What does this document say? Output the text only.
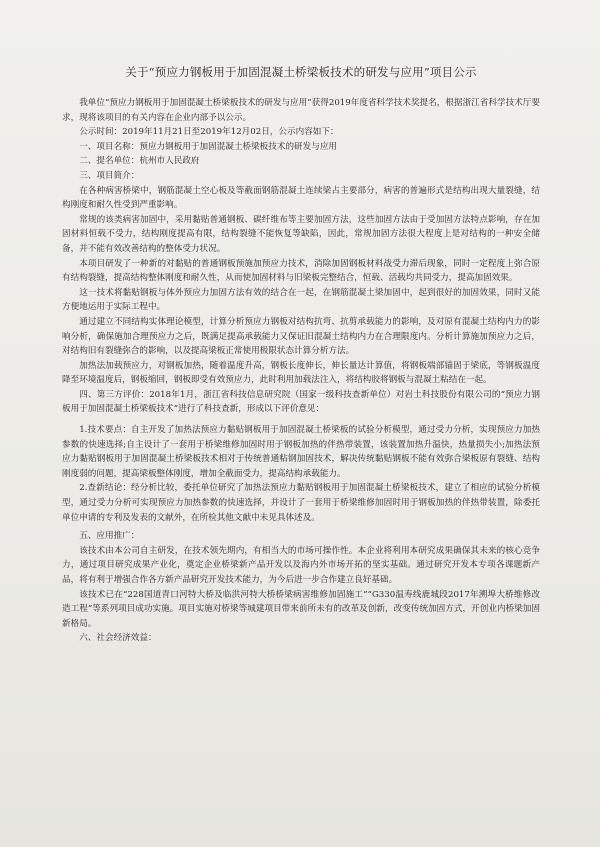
关于“预应力钢板用于加固混凝土桥梁板技术的研发与应用”项目公示

我单位“预应力钢板用于加固混凝土桥梁板技术的研发与应用”获得2019年度省科学技术奖提名，根据浙江省科学技术厅要求，现将该项目的有关内容在企业内部予以公示。

公示时间：2019年11月21日至2019年12月02日，公示内容如下：

一、项目名称：预应力钢板用于加固混凝土桥梁板技术的研发与应用

二、提名单位：杭州市人民政府

三、项目简介：

在各种病害桥梁中，钢筋混凝土空心板及等截面钢筋混凝土连续梁占主要部分，病害的普遍形式是结构出现大量裂缝，结构刚度和耐久性受到严重影响。

常规的该类病害加固中，采用黏贴普通钢板、碳纤维布等主要加固方法，这些加固方法由于受加固方法特点影响，存在加固材料恒载不受力，结构刚度提高有限，结构裂缝不能恢复等缺陷，因此，常规加固方法很大程度上是对结构的一种安全储备，并不能有效改善结构的整体受力状况。

本项目研发了一种新的对黏贴的普通钢板预施加预应力技术，消除加固钢板材料战受力滞后现象，同时一定程度上弥合原有结构裂缝，提高结构整体刚度和耐久性，从而使加固材料与旧梁板完整结合，恒载、活载均共同受力，提高加固效果。

这一技术将黏贴钢板与体外预应力加固方法有效的结合在一起，在钢筋混凝土梁加固中，起到很好的加固效果，同时又能方便地运用于实际工程中。

通过建立不同结构实体理论模型，计算分析预应力钢板对结构抗弯、抗剪承载能力的影响，及对原有混凝土结构内力的影响分析，确保施加合理预应力之后，既满足提高承载能力又保证旧混凝土结构内力在合理限度内。分析计算施加预应力之后，对结构旧有裂缝弥合的影响，以及提高梁板正常使用极限状态计算分析方法。

加热法加载预应力，对钢板加热，随着温度升高，钢板长度伸长，伸长量达计算值，将钢板端部锚固于梁底，等钢板温度降至环境温度后，钢板缩回，钢板即受有效预应力，此时利用加载法注入，将结构胶将钢板与混凝土粘结在一起。

四、第三方评价：2018年1月，浙江省科技信息研究院（国家一级科技查新单位）对岩土科技股份有限公司的“预应力钢板用于加固混凝土桥梁板技术”进行了科技查新，形成以下评价意见：

1.技术要点：自主开发了加热法预应力黏贴钢板用于加固混凝土桥梁板的试验分析模型，通过受力分析，实现预应力加热参数的快速选择;自主设计了一套用于桥梁维修加固时用于钢板加热的伴热带装置，该装置加热升温快，热量损失小;加热法预应力黏贴钢板用于加固混凝土桥梁板技术相对于传统普通粘钢加固技术，解决传统黏贴钢板不能有效弥合梁板原有裂缝、结构刚度弱的问题，提高梁板整体刚度，增加全截面受力，提高结构承载能力。

2.查新结论：经分析比较，委托单位研究了加热法预应力黏贴钢板用于加固混凝土桥梁板技术，建立了相应的试验分析模型，通过受力分析可实现预应力加热参数的快速选择，并设计了一套用于桥梁维修加固时用于钢板加热的伴热带装置，除委托单位申请的专利及发表的文献外，在所检其他文献中未见具体述及。

五、应用推广：

该技术由本公司自主研发，在技术领先期内，有相当大的市场可操作性。本企业将利用本研究成果确保其未来的核心竞争力，通过项目研究成果产业化，奠定企业桥梁新产品开发以及海内外市场开拓的坚实基础。通过研究开发本专项各课题新产品，将有利于增强合作各方新产品研究开发技术能力，为今后进一步合作建立良好基础。

该技术已在“228国道青口河特大桥及临洪河特大桥桥梁病害维修加固施工”“G330温寿线鹿城段2017年溯埠大桥维修改造工程”等系列项目成功实施。项目实施对桥梁等城建项目带来前所未有的改革及创新，改变传统加固方式，开创业内桥梁加固新格局。

六、社会经济效益：
